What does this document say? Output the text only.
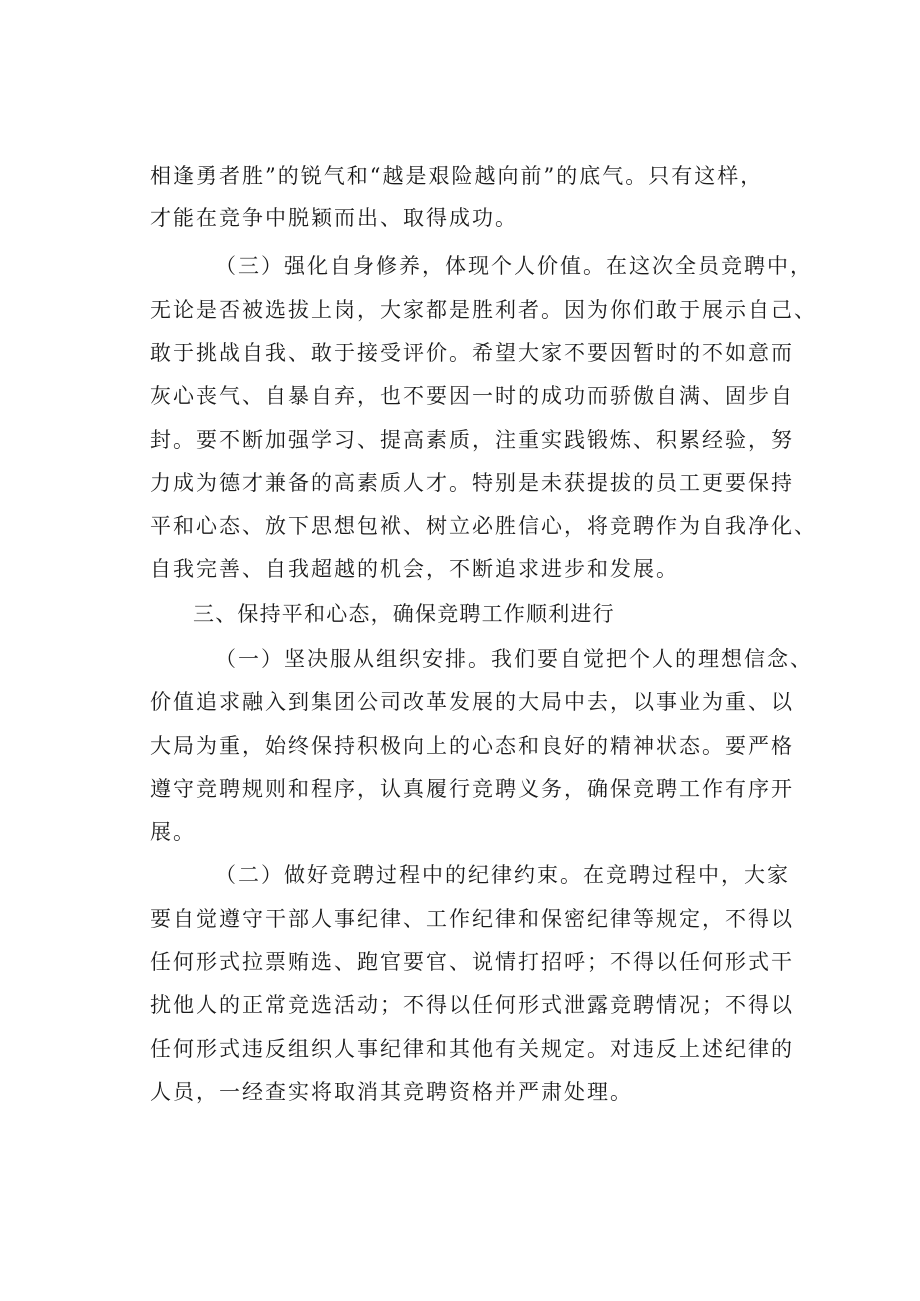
相逢勇者胜”的锐气和“越是艰险越向前”的底气。只有这样，
才能在竞争中脱颖而出、取得成功。
（三）强化自身修养，体现个人价值。在这次全员竞聘中，
无论是否被选拔上岗，大家都是胜利者。因为你们敢于展示自己、
敢于挑战自我、敢于接受评价。希望大家不要因暂时的不如意而
灰心丧气、自暴自弃，也不要因一时的成功而骄傲自满、固步自
封。要不断加强学习、提高素质，注重实践锻炼、积累经验，努
力成为德才兼备的高素质人才。特别是未获提拔的员工更要保持
平和心态、放下思想包袱、树立必胜信心，将竞聘作为自我净化、
自我完善、自我超越的机会，不断追求进步和发展。
三、保持平和心态，确保竞聘工作顺利进行
（一）坚决服从组织安排。我们要自觉把个人的理想信念、
价值追求融入到集团公司改革发展的大局中去，以事业为重、以
大局为重，始终保持积极向上的心态和良好的精神状态。要严格
遵守竞聘规则和程序，认真履行竞聘义务，确保竞聘工作有序开
展。
（二）做好竞聘过程中的纪律约束。在竞聘过程中，大家
要自觉遵守干部人事纪律、工作纪律和保密纪律等规定，不得以
任何形式拉票贿选、跑官要官、说情打招呼；不得以任何形式干
扰他人的正常竞选活动；不得以任何形式泄露竞聘情况；不得以
任何形式违反组织人事纪律和其他有关规定。对违反上述纪律的
人员，一经查实将取消其竞聘资格并严肃处理。
